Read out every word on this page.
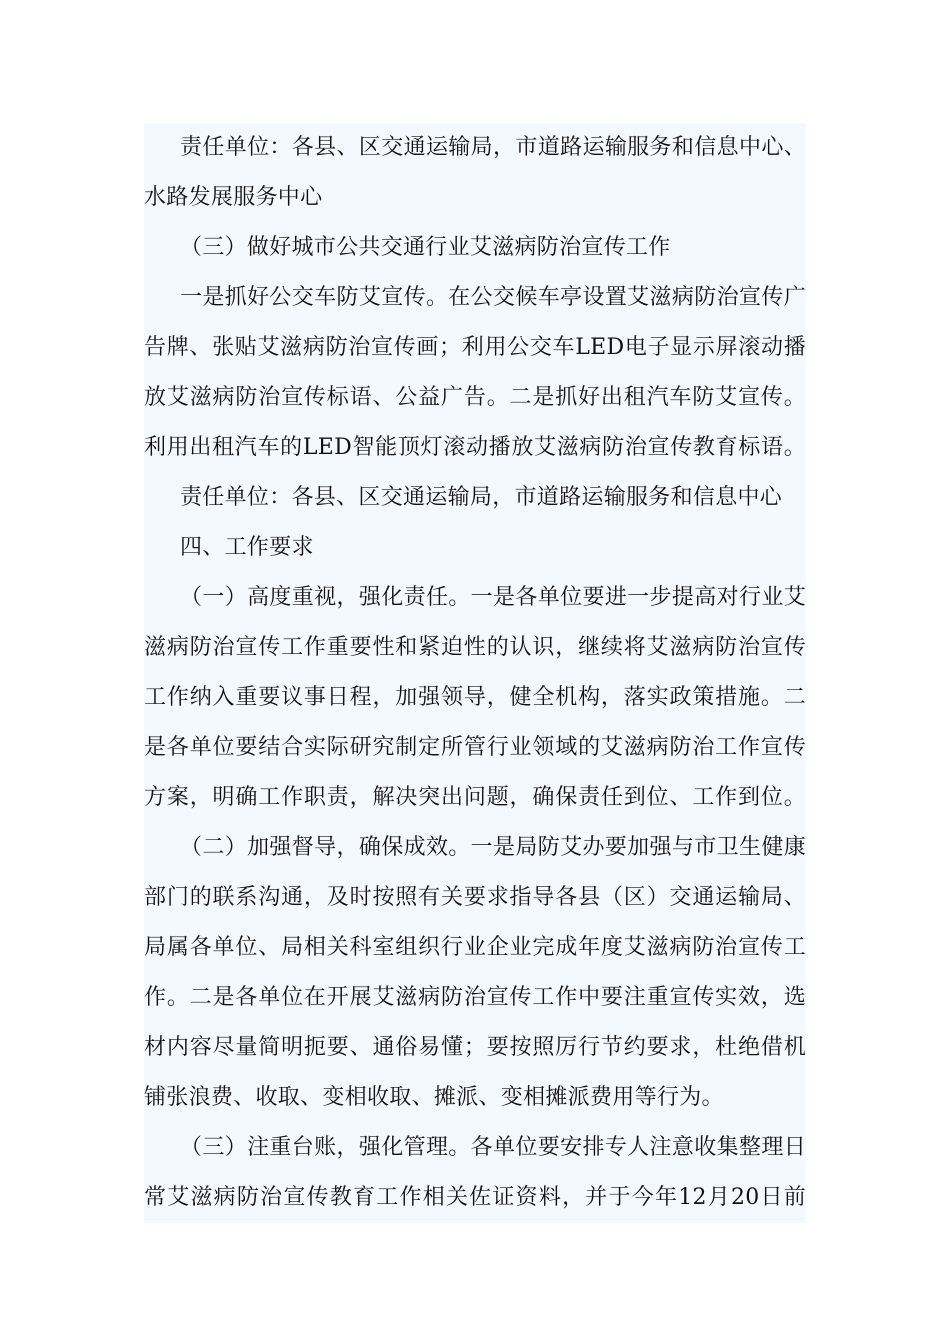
责任单位：各县、区交通运输局，市道路运输服务和信息中心、
水路发展服务中心
（三）做好城市公共交通行业艾滋病防治宣传工作
一是抓好公交车防艾宣传。在公交候车亭设置艾滋病防治宣传广
告牌、张贴艾滋病防治宣传画；利用公交车LED电子显示屏滚动播
放艾滋病防治宣传标语、公益广告。二是抓好出租汽车防艾宣传。
利用出租汽车的LED智能顶灯滚动播放艾滋病防治宣传教育标语。
责任单位：各县、区交通运输局，市道路运输服务和信息中心
四、工作要求
（一）高度重视，强化责任。一是各单位要进一步提高对行业艾
滋病防治宣传工作重要性和紧迫性的认识，继续将艾滋病防治宣传
工作纳入重要议事日程，加强领导，健全机构，落实政策措施。二
是各单位要结合实际研究制定所管行业领域的艾滋病防治工作宣传
方案，明确工作职责，解决突出问题，确保责任到位、工作到位。
（二）加强督导，确保成效。一是局防艾办要加强与市卫生健康
部门的联系沟通，及时按照有关要求指导各县（区）交通运输局、
局属各单位、局相关科室组织行业企业完成年度艾滋病防治宣传工
作。二是各单位在开展艾滋病防治宣传工作中要注重宣传实效，选
材内容尽量简明扼要、通俗易懂；要按照厉行节约要求，杜绝借机
铺张浪费、收取、变相收取、摊派、变相摊派费用等行为。
（三）注重台账，强化管理。各单位要安排专人注意收集整理日
常艾滋病防治宣传教育工作相关佐证资料，并于今年12月20日前
